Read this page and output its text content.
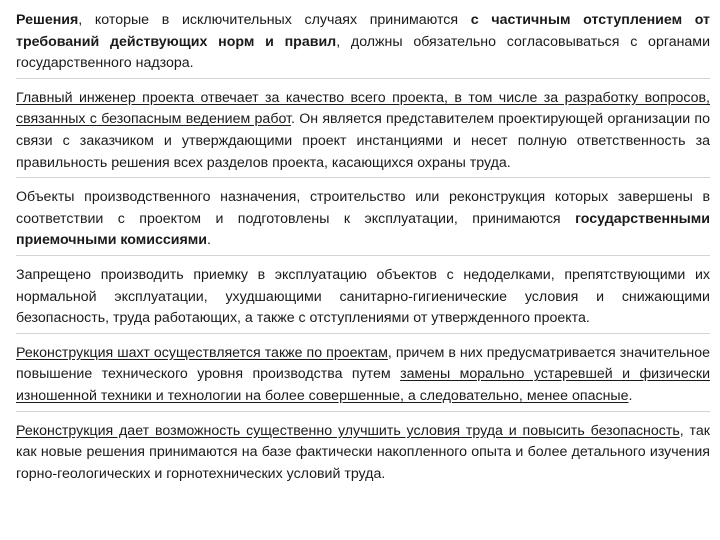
Решения, которые в исключительных случаях принимаются с частичным отступлением от требований действующих норм и правил, должны обязательно согласовываться с органами государственного надзора.

Главный инженер проекта отвечает за качество всего проекта, в том числе за разработку вопросов, связанных с безопасным ведением работ. Он является представителем проектирующей организации по связи с заказчиком и утверждающими проект инстанциями и несет полную ответственность за правильность решения всех разделов проекта, касающихся охраны труда.

Объекты производственного назначения, строительство или реконструкция которых завершены в соответствии с проектом и подготовлены к эксплуатации, принимаются государственными приемочными комиссиями.

Запрещено производить приемку в эксплуатацию объектов с недоделками, препятствующими их нормальной эксплуатации, ухудшающими санитарно-гигиенические условия и снижающими безопасность, труда работающих, а также с отступлениями от утвержденного проекта.

Реконструкция шахт осуществляется также по проектам, причем в них предусматривается значительное повышение технического уровня производства путем замены морально устаревшей и физически изношенной техники и технологии на более совершенные, а следовательно, менее опасные.

Реконструкция дает возможность существенно улучшить условия труда и повысить безопасность, так как новые решения принимаются на базе фактически накопленного опыта и более детального изучения горно-геологических и горнотехнических условий труда.
